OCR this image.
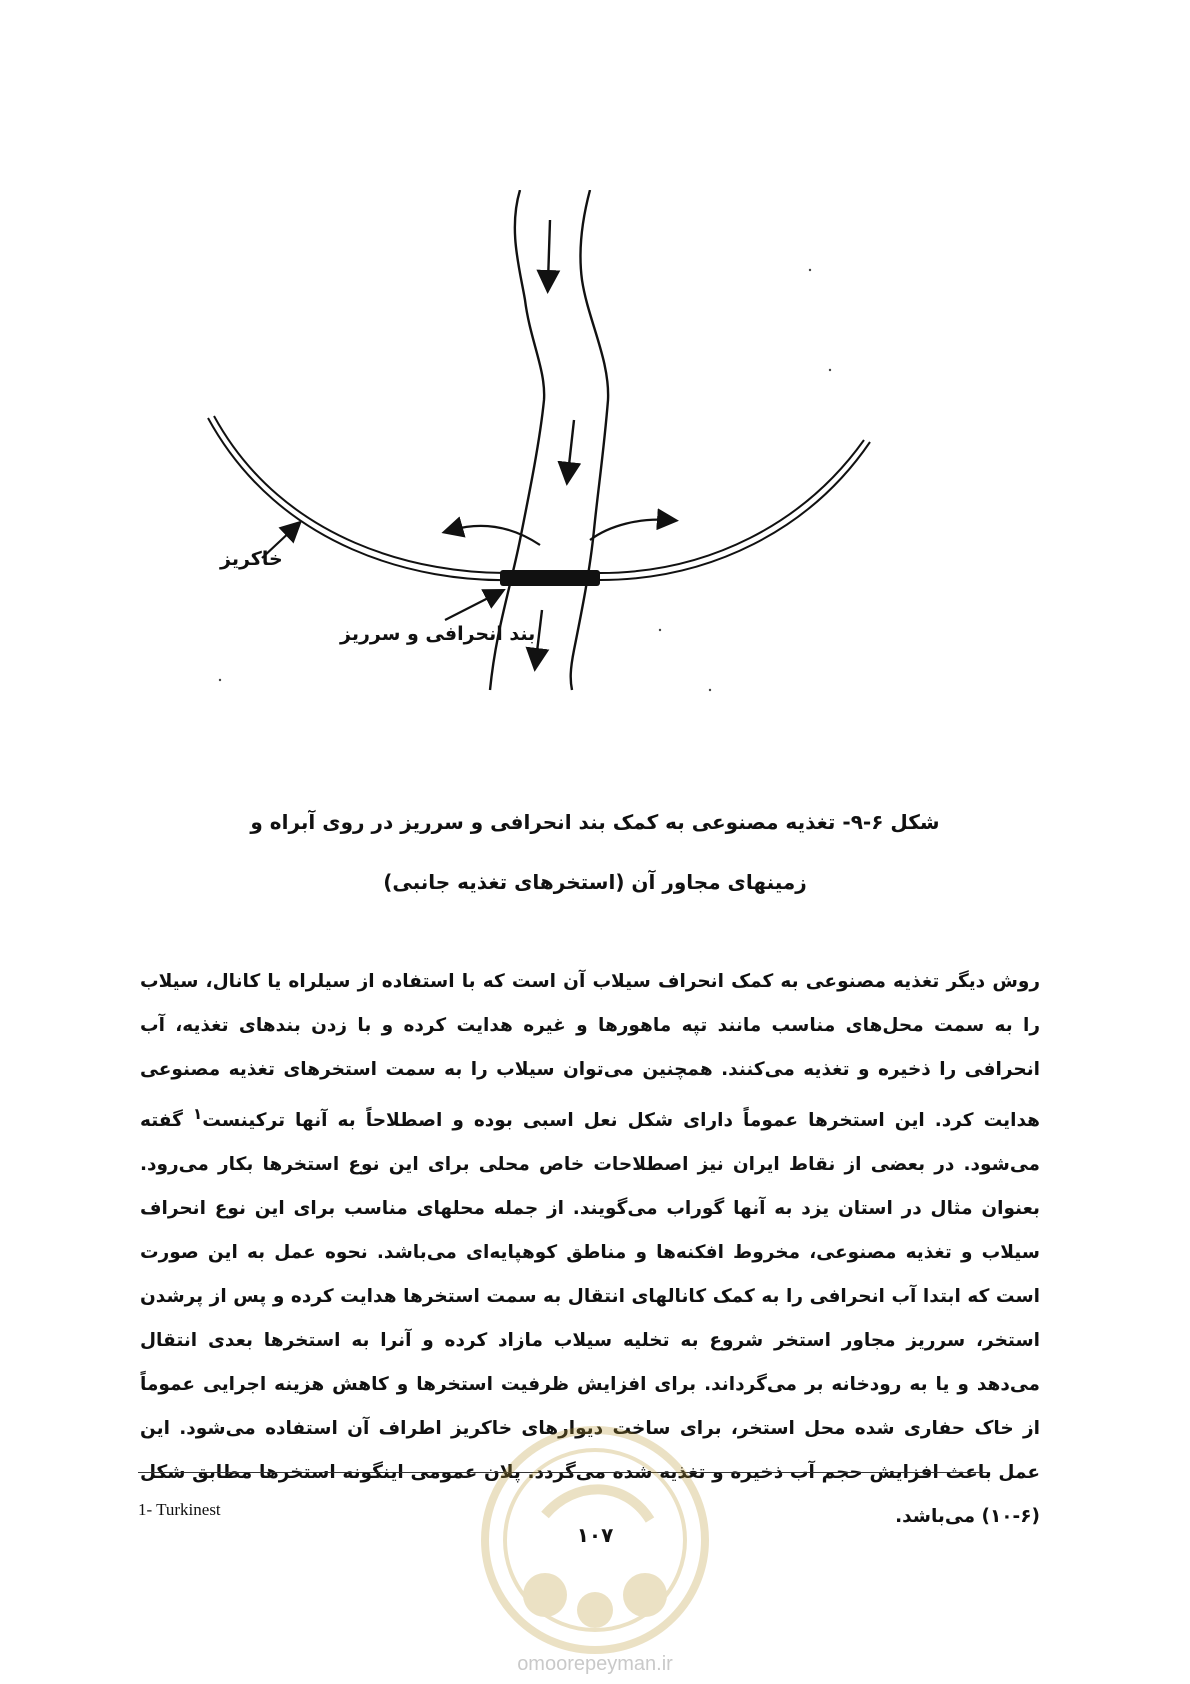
خاکریز
بند انحرافی و سرریز
شکل ۶-۹- تغذیه مصنوعی به کمک بند انحرافی و سرریز در روی آبراه و
زمینهای مجاور آن (استخرهای تغذیه جانبی)

روش دیگر تغذیه مصنوعی به کمک انحراف سیلاب آن است که با استفاده از سیلراه یا کانال، سیلاب را به سمت محل‌های مناسب مانند تپه ماهورها و غیره هدایت کرده و با زدن بندهای تغذیه، آب انحرافی را ذخیره و تغذیه می‌کنند. همچنین می‌توان سیلاب را به سمت استخرهای تغذیه مصنوعی هدایت کرد. این استخرها عموماً دارای شکل نعل اسبی بوده و اصطلاحاً به آنها ترکینست$^۱$ گفته می‌شود. در بعضی از نقاط ایران نیز اصطلاحات خاص محلی برای این نوع استخرها بکار می‌رود. بعنوان مثال در استان یزد به آنها گوراب می‌گویند. از جمله محلهای مناسب برای این نوع انحراف سیلاب و تغذیه مصنوعی، مخروط افکنه‌ها و مناطق کوهپایه‌ای می‌باشد. نحوه عمل به این صورت است که ابتدا آب انحرافی را به کمک کانالهای انتقال به سمت استخرها هدایت کرده و پس از پرشدن استخر، سرریز مجاور استخر شروع به تخلیه سیلاب مازاد کرده و آنرا به استخرها بعدی انتقال می‌دهد و یا به رودخانه بر می‌گرداند. برای افزایش ظرفیت استخرها و کاهش هزینه اجرایی عموماً از خاک حفاری شده محل استخر، برای ساخت دیوارهای خاکریز اطراف آن استفاده می‌شود. این عمل باعث افزایش حجم آب ذخیره و تغذیه شده می‌گردد. پلان عمومی اینگونه استخرها مطابق شکل (۶-۱۰) می‌باشد.

1- Turkinest
۱۰۷
omoorepeyman.ir
